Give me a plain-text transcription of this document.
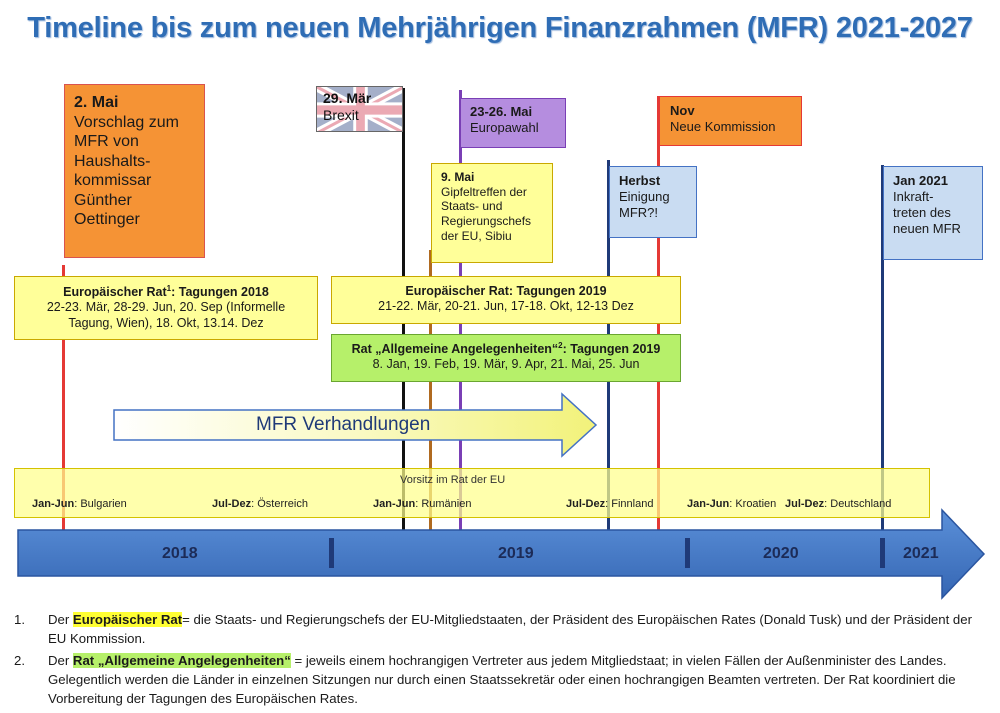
Timeline bis zum neuen Mehrjährigen Finanzrahmen (MFR) 2021-2027
2. Mai
Vorschlag zum
MFR von
Haushalts-
kommissar
Günther
Oettinger
29. Mär
Brexit	23-26. Mai
Europawahl
Nov
Neue Kommission
9. Mai
Gipfeltreffen der
Staats- und
Regierungschefs
der EU, Sibiu
Herbst
Einigung
MFR?!
Jan 2021
Inkraft-
treten des
neuen MFR
Europäischer Rat$^1$: Tagungen 2018
22-23. Mär, 28-29. Jun, 20. Sep (Informelle
Tagung, Wien), 18. Okt, 13.14. Dez
Europäischer Rat: Tagungen 2019
21-22. Mär, 20-21. Jun, 17-18. Okt, 12-13 Dez
Rat „Allgemeine Angelegenheiten“$^2$: Tagungen 2019
8. Jan, 19. Feb, 19. Mär, 9. Apr, 21. Mai, 25. Jun
MFR Verhandlungen
Vorsitz im Rat der EU
Jan-Jun: Bulgarien	Jul-Dez: Österreich	Jan-Jun: Rumänien	Jul-Dez: Finnland	Jan-Jun: Kroatien Jul-Dez: Deutschland
2018	2019	2020	2021
1. Der Europäischer Rat= die Staats- und Regierungschefs der EU-Mitgliedstaaten, der Präsident des Europäischen Rates (Donald Tusk) und der Präsident der EU Kommission.
2. Der Rat „Allgemeine Angelegenheiten“ = jeweils einem hochrangigen Vertreter aus jedem Mitgliedstaat; in vielen Fällen der Außenminister des Landes. Gelegentlich werden die Länder in einzelnen Sitzungen nur durch einen Staatssekretär oder einen hochrangigen Beamten vertreten. Der Rat koordiniert die Vorbereitung der Tagungen des Europäischen Rates.
